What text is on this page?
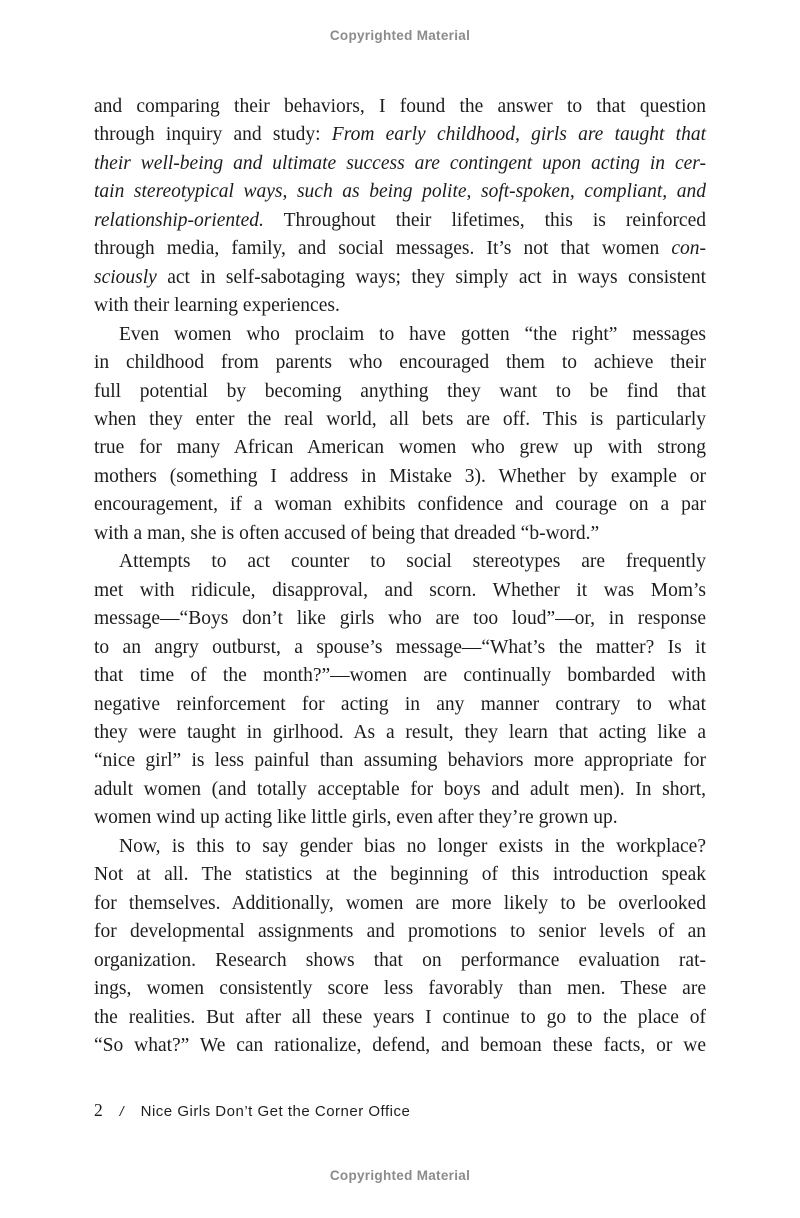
Copyrighted Material
and comparing their behaviors, I found the answer to that question
through inquiry and study: From early childhood, girls are taught that
their well-being and ultimate success are contingent upon acting in cer-
tain stereotypical ways, such as being polite, soft-spoken, compliant, and
relationship-oriented. Throughout their lifetimes, this is reinforced
through media, family, and social messages. It’s not that women con-
sciously act in self-sabotaging ways; they simply act in ways consistent
with their learning experiences.
Even women who proclaim to have gotten “the right” messages
in childhood from parents who encouraged them to achieve their
full potential by becoming anything they want to be find that
when they enter the real world, all bets are off. This is particularly
true for many African American women who grew up with strong
mothers (something I address in Mistake 3). Whether by example or
encouragement, if a woman exhibits confidence and courage on a par
with a man, she is often accused of being that dreaded “b-word.”
Attempts to act counter to social stereotypes are frequently
met with ridicule, disapproval, and scorn. Whether it was Mom’s
message—“Boys don’t like girls who are too loud”—or, in response
to an angry outburst, a spouse’s message—“What’s the matter? Is it
that time of the month?”—women are continually bombarded with
negative reinforcement for acting in any manner contrary to what
they were taught in girlhood. As a result, they learn that acting like a
“nice girl” is less painful than assuming behaviors more appropriate for
adult women (and totally acceptable for boys and adult men). In short,
women wind up acting like little girls, even after they’re grown up.
Now, is this to say gender bias no longer exists in the workplace?
Not at all. The statistics at the beginning of this introduction speak
for themselves. Additionally, women are more likely to be overlooked
for developmental assignments and promotions to senior levels of an
organization. Research shows that on performance evaluation rat-
ings, women consistently score less favorably than men. These are
the realities. But after all these years I continue to go to the place of
“So what?” We can rationalize, defend, and bemoan these facts, or we
2 / Nice Girls Don’t Get the Corner Office
Copyrighted Material
